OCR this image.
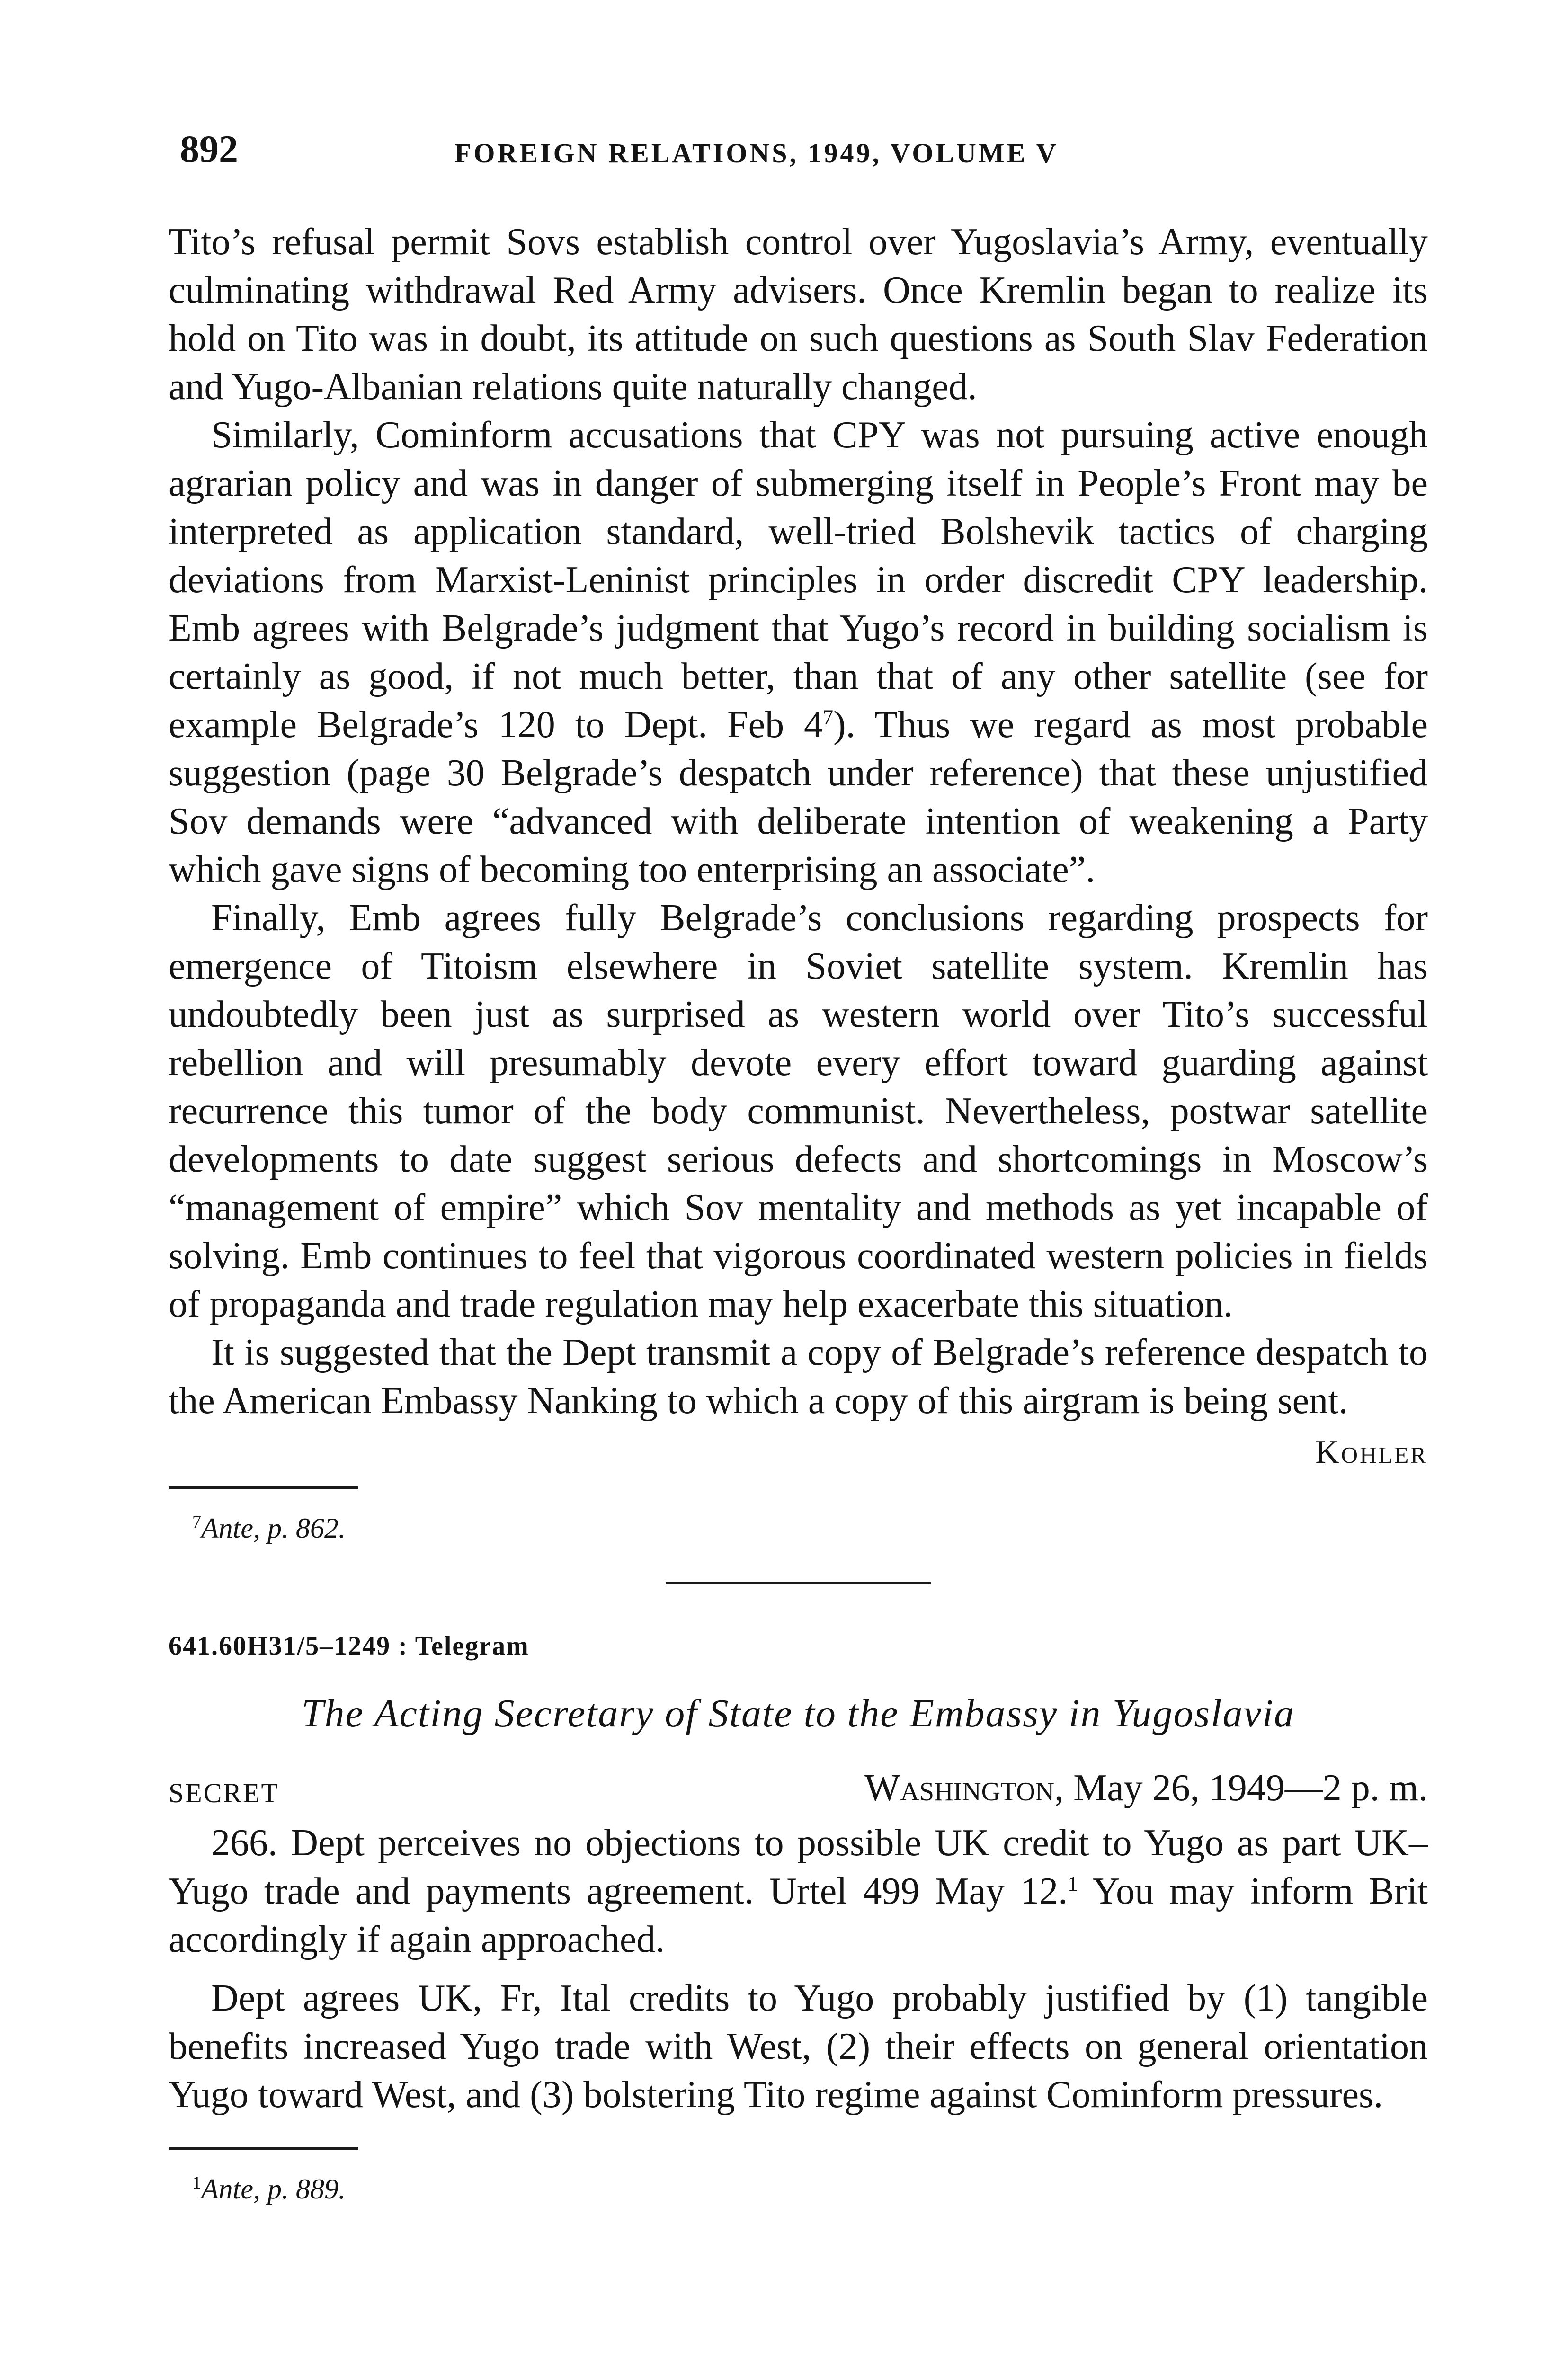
892	FOREIGN RELATIONS, 1949, VOLUME V

Tito’s refusal permit Sovs establish control over Yugoslavia’s Army, eventually culminating withdrawal Red Army advisers. Once Kremlin began to realize its hold on Tito was in doubt, its attitude on such questions as South Slav Federation and Yugo-Albanian relations quite naturally changed.

Similarly, Cominform accusations that CPY was not pursuing active enough agrarian policy and was in danger of submerging itself in People’s Front may be interpreted as application standard, well-tried Bolshevik tactics of charging deviations from Marxist-Leninist principles in order discredit CPY leadership. Emb agrees with Belgrade’s judgment that Yugo’s record in building socialism is certainly as good, if not much better, than that of any other satellite (see for example Belgrade’s 120 to Dept. Feb $4^7$). Thus we regard as most probable suggestion (page 30 Belgrade’s despatch under reference) that these unjustified Sov demands were “advanced with deliberate intention of weakening a Party which gave signs of becoming too enterprising an associate”.

Finally, Emb agrees fully Belgrade’s conclusions regarding prospects for emergence of Titoism elsewhere in Soviet satellite system. Kremlin has undoubtedly been just as surprised as western world over Tito’s successful rebellion and will presumably devote every effort toward guarding against recurrence this tumor of the body communist. Nevertheless, postwar satellite developments to date suggest serious defects and shortcomings in Moscow’s “management of empire” which Sov mentality and methods as yet incapable of solving. Emb continues to feel that vigorous coordinated western policies in fields of propaganda and trade regulation may help exacerbate this situation.

It is suggested that the Dept transmit a copy of Belgrade’s reference despatch to the American Embassy Nanking to which a copy of this airgram is being sent.

Kohler
$^7$Ante, p. 862.
641.60H31/5–1249 : Telegram
The Acting Secretary of State to the Embassy in Yugoslavia
SECRET	Washington, May 26, 1949—2 p. m.

266. Dept perceives no objections to possible UK credit to Yugo as part UK–Yugo trade and payments agreement. Urtel 499 May 12.$^1$ You may inform Brit accordingly if again approached.

Dept agrees UK, Fr, Ital credits to Yugo probably justified by (1) tangible benefits increased Yugo trade with West, (2) their effects on general orientation Yugo toward West, and (3) bolstering Tito regime against Cominform pressures.

$^1$Ante, p. 889.
